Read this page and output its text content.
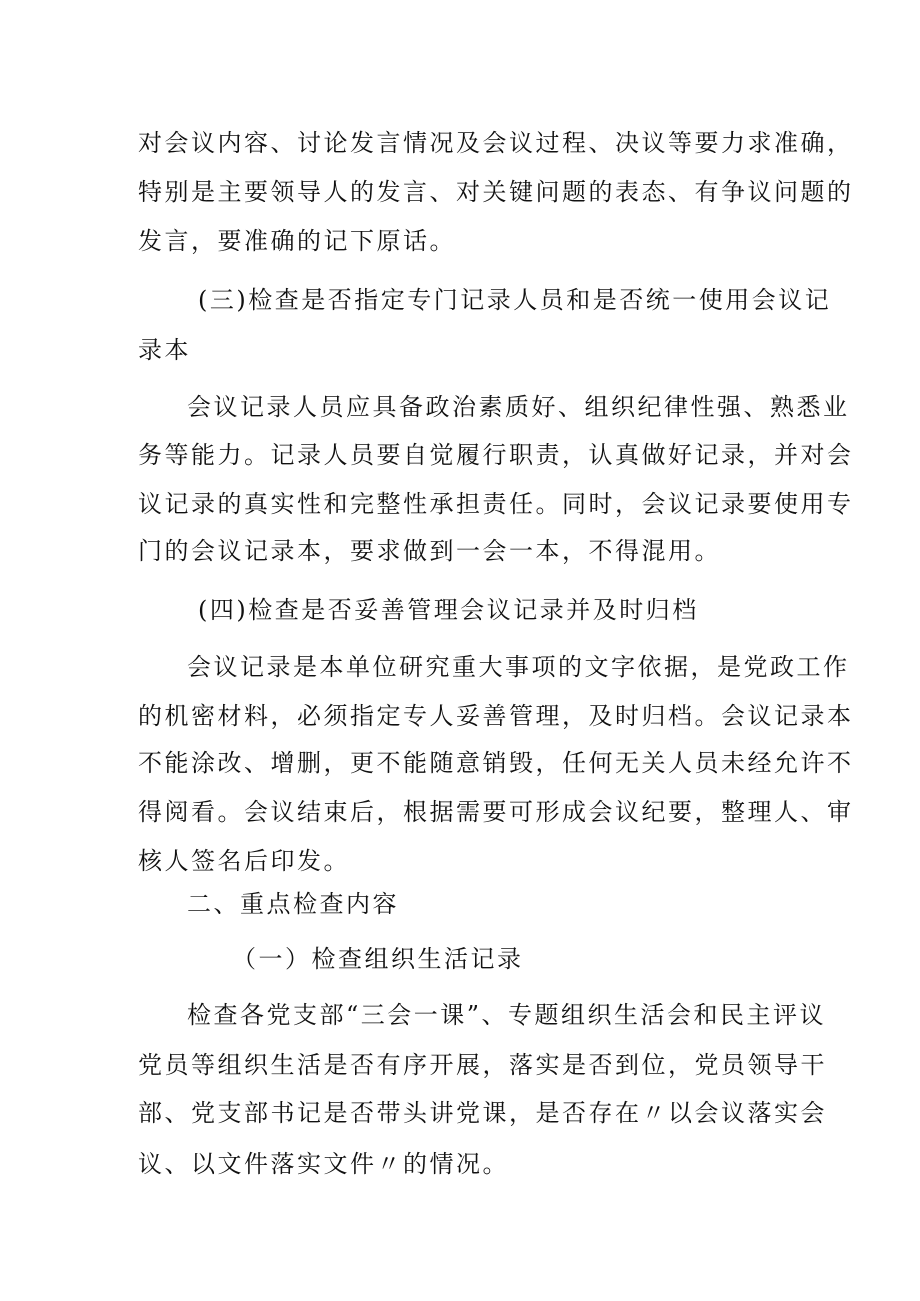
对会议内容、讨论发言情况及会议过程、决议等要力求准确，
特别是主要领导人的发言、对关键问题的表态、有争议问题的
发言，要准确的记下原话。
(三)检查是否指定专门记录人员和是否统一使用会议记
录本
会议记录人员应具备政治素质好、组织纪律性强、熟悉业
务等能力。记录人员要自觉履行职责，认真做好记录，并对会
议记录的真实性和完整性承担责任。同时，会议记录要使用专
门的会议记录本，要求做到一会一本，不得混用。
(四)检查是否妥善管理会议记录并及时归档
会议记录是本单位研究重大事项的文字依据，是党政工作
的机密材料，必须指定专人妥善管理，及时归档。会议记录本
不能涂改、增删，更不能随意销毁，任何无关人员未经允许不
得阅看。会议结束后，根据需要可形成会议纪要，整理人、审
核人签名后印发。
二、重点检查内容
（一）检查组织生活记录
检查各党支部“三会一课”、专题组织生活会和民主评议
党员等组织生活是否有序开展，落实是否到位，党员领导干
部、党支部书记是否带头讲党课，是否存在〃以会议落实会
议、以文件落实文件〃的情况。
